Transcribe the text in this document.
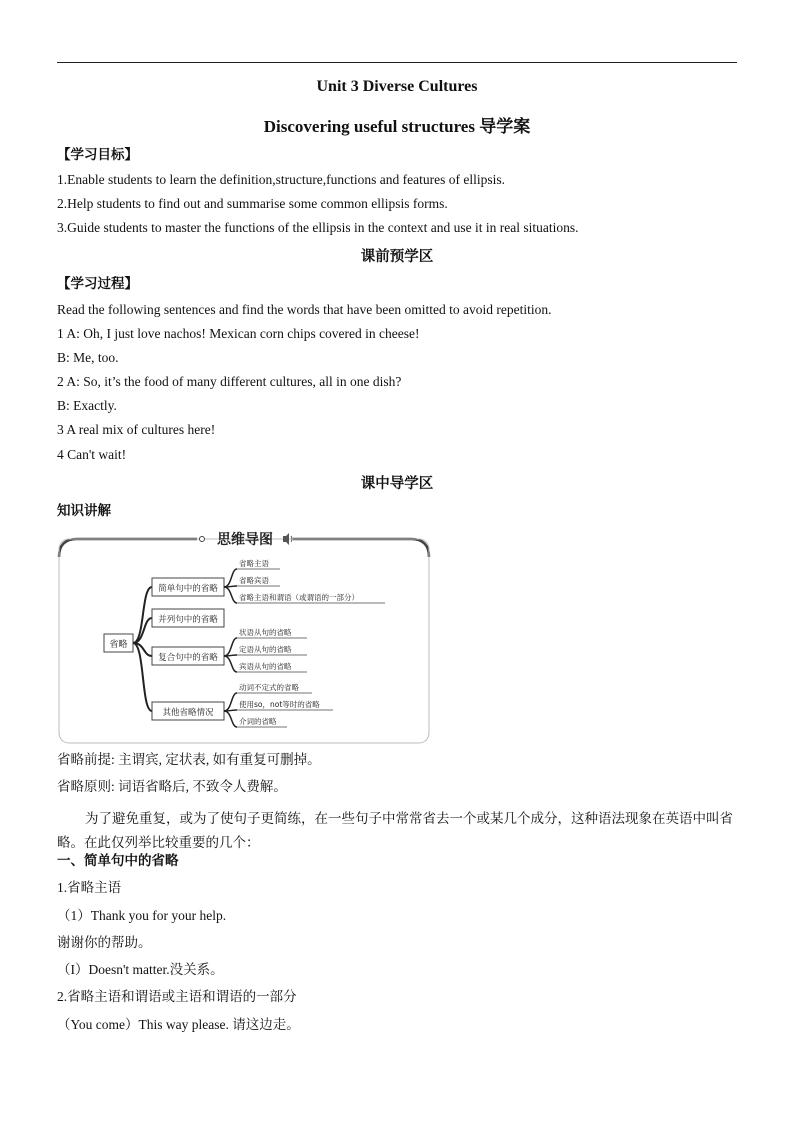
Unit 3 Diverse Cultures
Discovering useful structures 导学案
【学习目标】
1.Enable students to learn the definition,structure,functions and features of ellipsis.
2.Help students to find out and summarise some common ellipsis forms.
3.Guide students to master the functions of the ellipsis in the context and use it in real situations.
课前预学区
【学习过程】
Read the following sentences and find the words that have been omitted to avoid repetition.
1 A: Oh, I just love nachos! Mexican corn chips covered in cheese!
B: Me, too.
2 A: So, it’s the food of many different cultures, all in one dish?
B: Exactly.
3 A real mix of cultures here!
4 Can't wait!
课中导学区
知识讲解
思维导图
省略
简单句中的省略
省略主语
省略宾语
省略主语和谓语（或谓语的一部分）
并列句中的省略
复合句中的省略
状语从句的省略
定语从句的省略
宾语从句的省略
其他省略情况
动词不定式的省略
使用so，not等时的省略
介词的省略
省略前提: 主谓宾, 定状表, 如有重复可删掉。
省略原则: 词语省略后, 不致令人费解。
为了避免重复，或为了使句子更简练，在一些句子中常常省去一个或某几个成分，这种语法现象在英语中叫省略。在此仅列举比较重要的几个：
一、简单句中的省略
1.省略主语
（1）Thank you for your help.
谢谢你的帮助。
（I）Doesn't matter.没关系。
2.省略主语和谓语或主语和谓语的一部分
（You come）This way please. 请这边走。
